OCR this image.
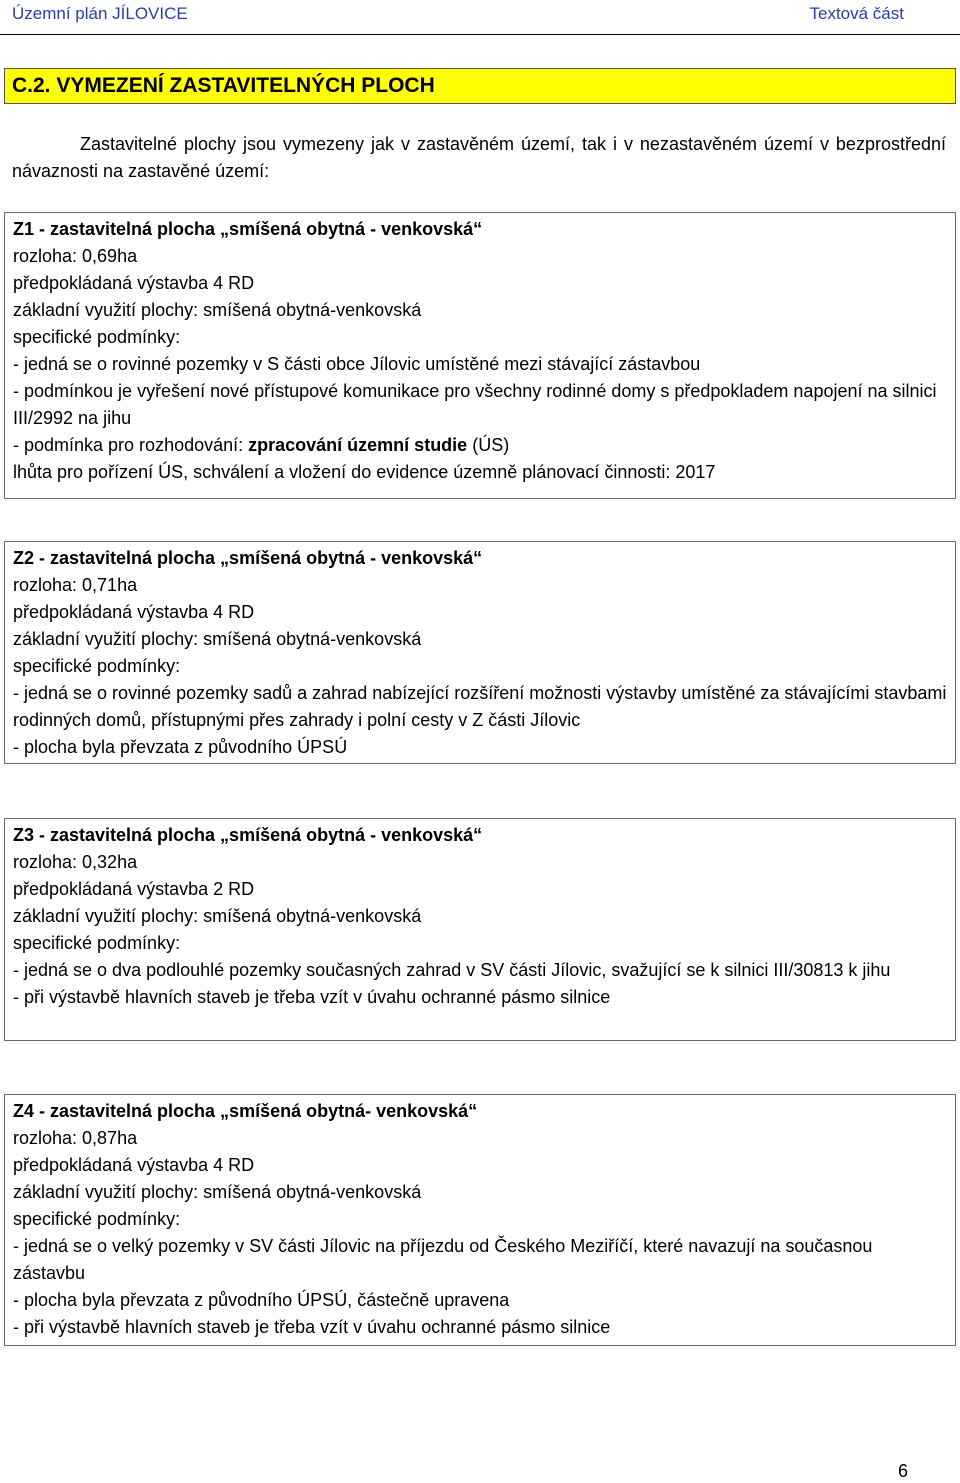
Územní plán JÍLOVICE	Textová část
C.2. VYMEZENÍ ZASTAVITELNÝCH PLOCH

Zastavitelné plochy jsou vymezeny jak v zastavěném území, tak i v nezastavěném území v bezprostřední návaznosti na zastavěné území:

Z1 - zastavitelná plocha „smíšená obytná - venkovská“

rozloha: 0,69ha

předpokládaná výstavba 4 RD

základní využití plochy: smíšená obytná-venkovská

specifické podmínky:

- jedná se o rovinné pozemky v S části obce Jílovic umístěné mezi stávající zástavbou

- podmínkou je vyřešení nové přístupové komunikace pro všechny rodinné domy s předpokladem napojení na silnici III/2992 na jihu

- podmínka pro rozhodování: zpracování územní studie (ÚS)

lhůta pro pořízení ÚS, schválení a vložení do evidence územně plánovací činnosti: 2017

Z2 - zastavitelná plocha „smíšená obytná - venkovská“

rozloha: 0,71ha

předpokládaná výstavba 4 RD

základní využití plochy: smíšená obytná-venkovská

specifické podmínky:

- jedná se o rovinné pozemky sadů a zahrad nabízející rozšíření možnosti výstavby umístěné za stávajícími stavbami rodinných domů, přístupnými přes zahrady i polní cesty v Z části Jílovic

- plocha byla převzata z původního ÚPSÚ

Z3 - zastavitelná plocha „smíšená obytná - venkovská“

rozloha: 0,32ha

předpokládaná výstavba 2 RD

základní využití plochy: smíšená obytná-venkovská

specifické podmínky:

- jedná se o dva podlouhlé pozemky současných zahrad v SV části Jílovic, svažující se k silnici III/30813 k jihu

- při výstavbě hlavních staveb je třeba vzít v úvahu ochranné pásmo silnice

Z4 - zastavitelná plocha „smíšená obytná- venkovská“

rozloha: 0,87ha

předpokládaná výstavba 4 RD

základní využití plochy: smíšená obytná-venkovská

specifické podmínky:

- jedná se o velký pozemky v SV části Jílovic na příjezdu od Českého Meziříčí, které navazují na současnou zástavbu

- plocha byla převzata z původního ÚPSÚ, částečně upravena

- při výstavbě hlavních staveb je třeba vzít v úvahu ochranné pásmo silnice

6
